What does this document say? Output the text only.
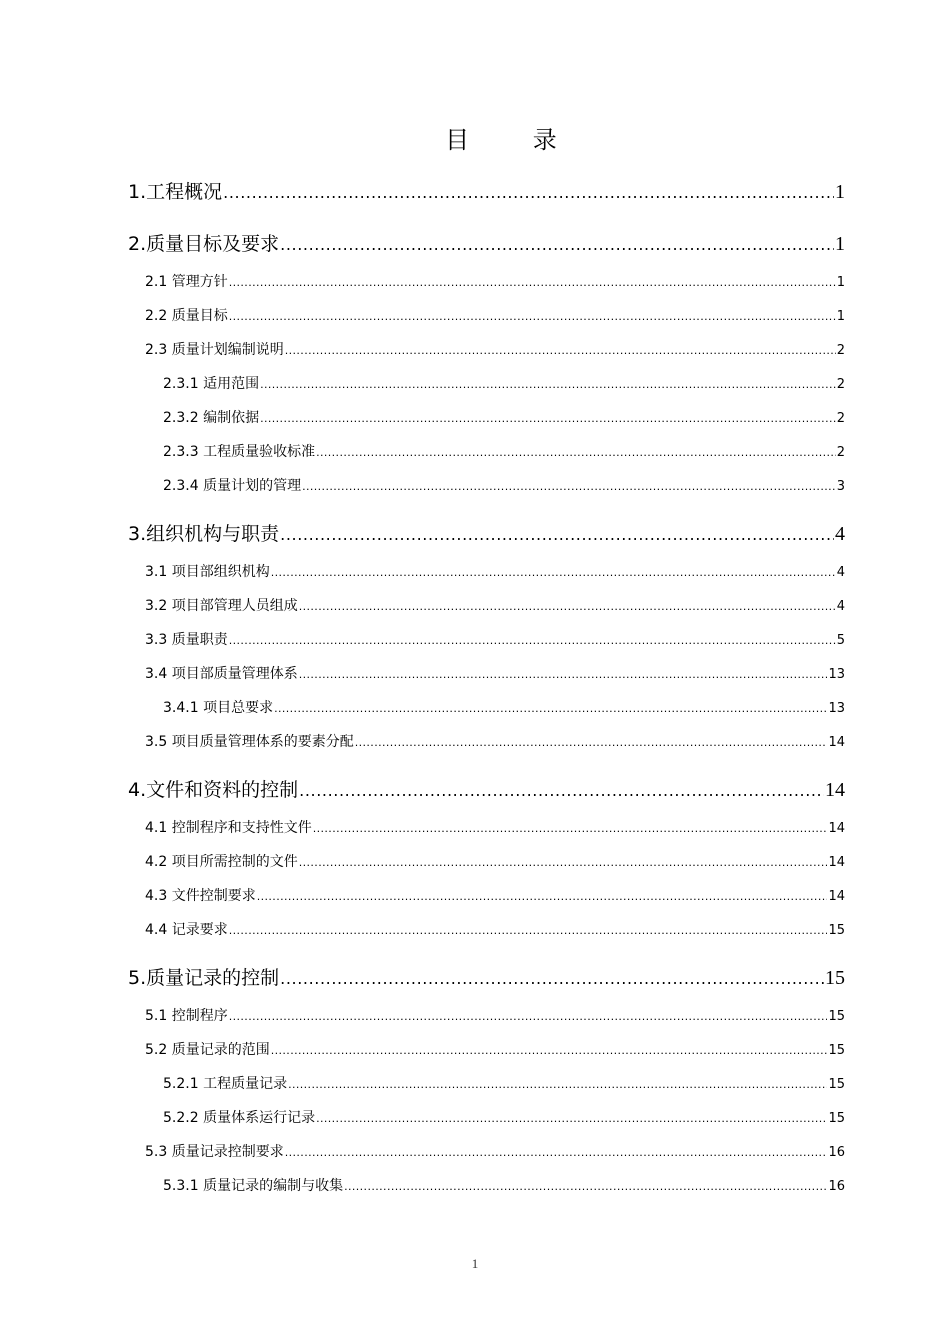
目 录
1.工程概况 .....	1
2.质量目标及要求 .....	1
2.1 管理方针 .....	1
2.2 质量目标 .....	1
2.3 质量计划编制说明 .....	2
2.3.1 适用范围 .....	2
2.3.2 编制依据 .....	2
2.3.3 工程质量验收标准 .....	2
2.3.4 质量计划的管理 .....	3
3.组织机构与职责 .....	4
3.1 项目部组织机构 .....	4
3.2 项目部管理人员组成 .....	4
3.3 质量职责 .....	5
3.4 项目部质量管理体系 .....	13
3.4.1 项目总要求 .....	13
3.5 项目质量管理体系的要素分配 .....	14
4.文件和资料的控制 .....	14
4.1 控制程序和支持性文件 .....	14
4.2 项目所需控制的文件 .....	14
4.3 文件控制要求 .....	14
4.4 记录要求 .....	15
5.质量记录的控制 .....	15
5.1 控制程序 .....	15
5.2 质量记录的范围 .....	15
5.2.1 工程质量记录 .....	15
5.2.2 质量体系运行记录 .....	15
5.3 质量记录控制要求 .....	16
5.3.1 质量记录的编制与收集 .....	16
1
